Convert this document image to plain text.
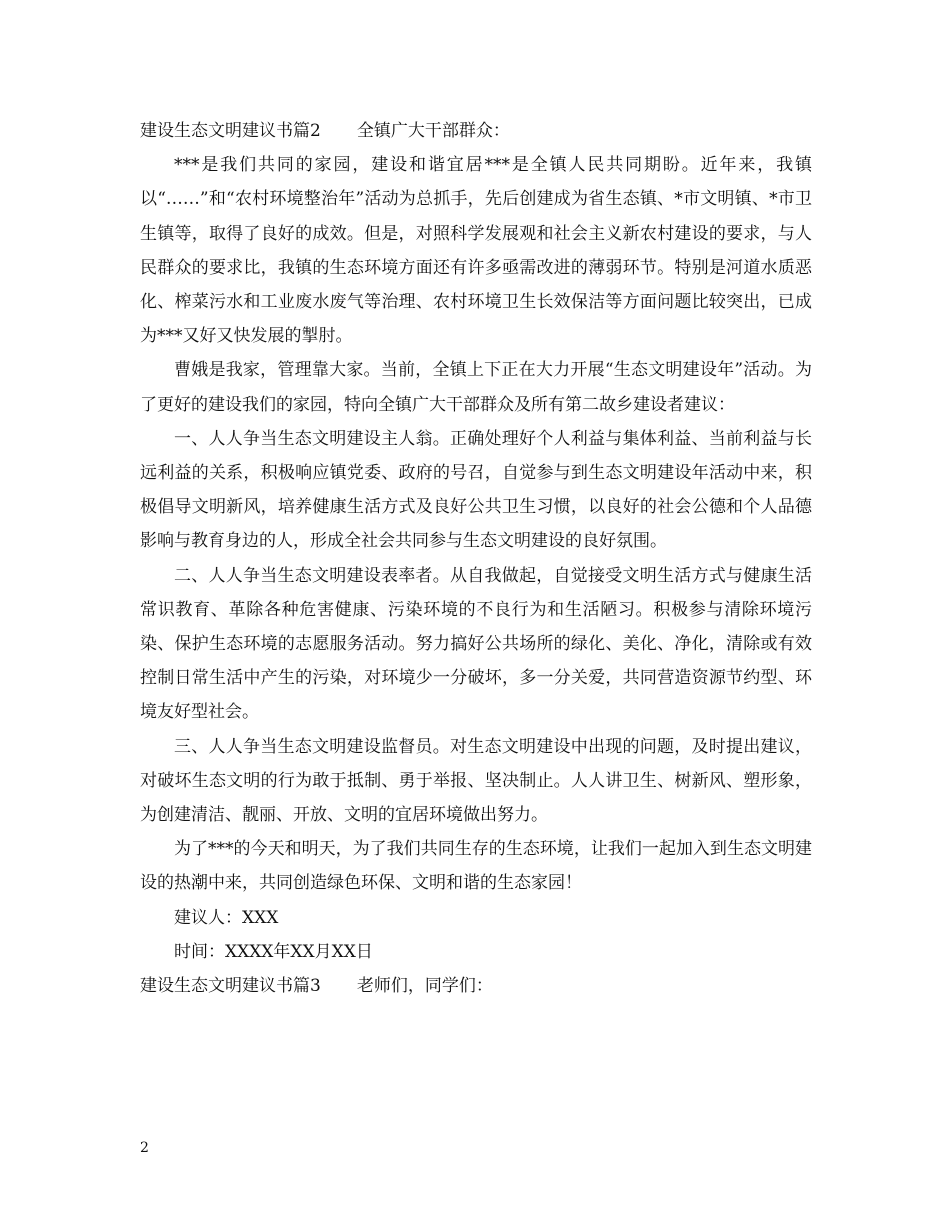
建设生态文明建议书篇2 全镇广大干部群众：

***是我们共同的家园，建设和谐宜居***是全镇人民共同期盼。近年来，我镇以“……”和“农村环境整治年”活动为总抓手，先后创建成为省生态镇、*市文明镇、*市卫生镇等，取得了良好的成效。但是，对照科学发展观和社会主义新农村建设的要求，与人民群众的要求比，我镇的生态环境方面还有许多亟需改进的薄弱环节。特别是河道水质恶化、榨菜污水和工业废水废气等治理、农村环境卫生长效保洁等方面问题比较突出，已成为***又好又快发展的掣肘。

曹娥是我家，管理靠大家。当前，全镇上下正在大力开展“生态文明建设年”活动。为了更好的建设我们的家园，特向全镇广大干部群众及所有第二故乡建设者建议：

一、人人争当生态文明建设主人翁。正确处理好个人利益与集体利益、当前利益与长远利益的关系，积极响应镇党委、政府的号召，自觉参与到生态文明建设年活动中来，积极倡导文明新风，培养健康生活方式及良好公共卫生习惯，以良好的社会公德和个人品德影响与教育身边的人，形成全社会共同参与生态文明建设的良好氛围。

二、人人争当生态文明建设表率者。从自我做起，自觉接受文明生活方式与健康生活常识教育、革除各种危害健康、污染环境的不良行为和生活陋习。积极参与清除环境污染、保护生态环境的志愿服务活动。努力搞好公共场所的绿化、美化、净化，清除或有效控制日常生活中产生的污染，对环境少一分破坏，多一分关爱，共同营造资源节约型、环境友好型社会。

三、人人争当生态文明建设监督员。对生态文明建设中出现的问题，及时提出建议，对破坏生态文明的行为敢于抵制、勇于举报、坚决制止。人人讲卫生、树新风、塑形象，为创建清洁、靓丽、开放、文明的宜居环境做出努力。

为了***的今天和明天，为了我们共同生存的生态环境，让我们一起加入到生态文明建设的热潮中来，共同创造绿色环保、文明和谐的生态家园！

建议人：XXX

时间：XXXX年XX月XX日

建设生态文明建议书篇3 老师们，同学们：

2
